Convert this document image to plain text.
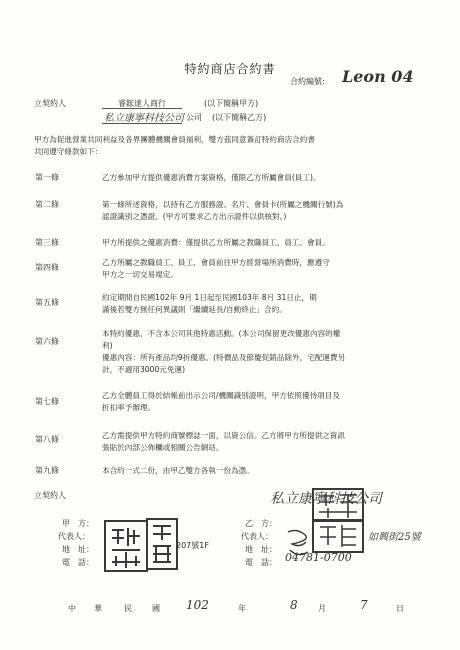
特約商店合約書
合約編號: Leon 04
立契約人	睿鋐達人商行	(以下簡稱甲方)
私立康寧科技公司 公司 (以下簡稱乙方)
甲方為促進營業共同利益及各界團體機關會員福利，雙方茲同意簽訂特約商店合約書
共同遵守條款如下：
第一條	乙方參加甲方提供優惠消費方案資格，僅限乙方所屬會員(員工)。
第二條	第一條所述資格，以持有乙方服務證、名片、會員卡(所屬之機關行號)為
認證識別之憑證。(甲方可要求乙方出示證件以供核對。)
第三條	甲方所提供之優惠消費：僅提供乙方所屬之教職員工、員工、會員。
第四條
乙方所屬之教職員工、員工、會員前往甲方經營場所消費時，應遵守
甲方之一切交易規定。
第五條
約定期間自民國102年 9月 1日起至民國103年 8月 31日止，期
滿後若雙方無任何異議則「繼續延長/自動終止」合約。
第六條
本特約優惠，不含本公司其他特惠活動。(本公司保留更改優惠內容的權
利)
優惠內容：所有產品均9折優惠。(特價品及節慶促銷品除外，宅配運費另
計，不適用3000元免運)
第七條
乙方全體員工得於結帳前出示公司/機關識別證明，甲方依照優待項目及
折扣率予辦理。
第八條	乙方需提供甲方特約商號標誌一面，以資公信。乙方將甲方所提供之資訊
張貼於內部公佈欄或相關公告網站。
第九條	本合約一式二份，由甲乙雙方各執一份為憑。
立契約人
甲　方：
代表人：
地　址：
電　話：
207號1F
乙　方：
代表人：
地　址：
電　話：
私立康寧科技公司
如興街25號
04781-0700
中 華	民	國 102	年	8	月	7	日
